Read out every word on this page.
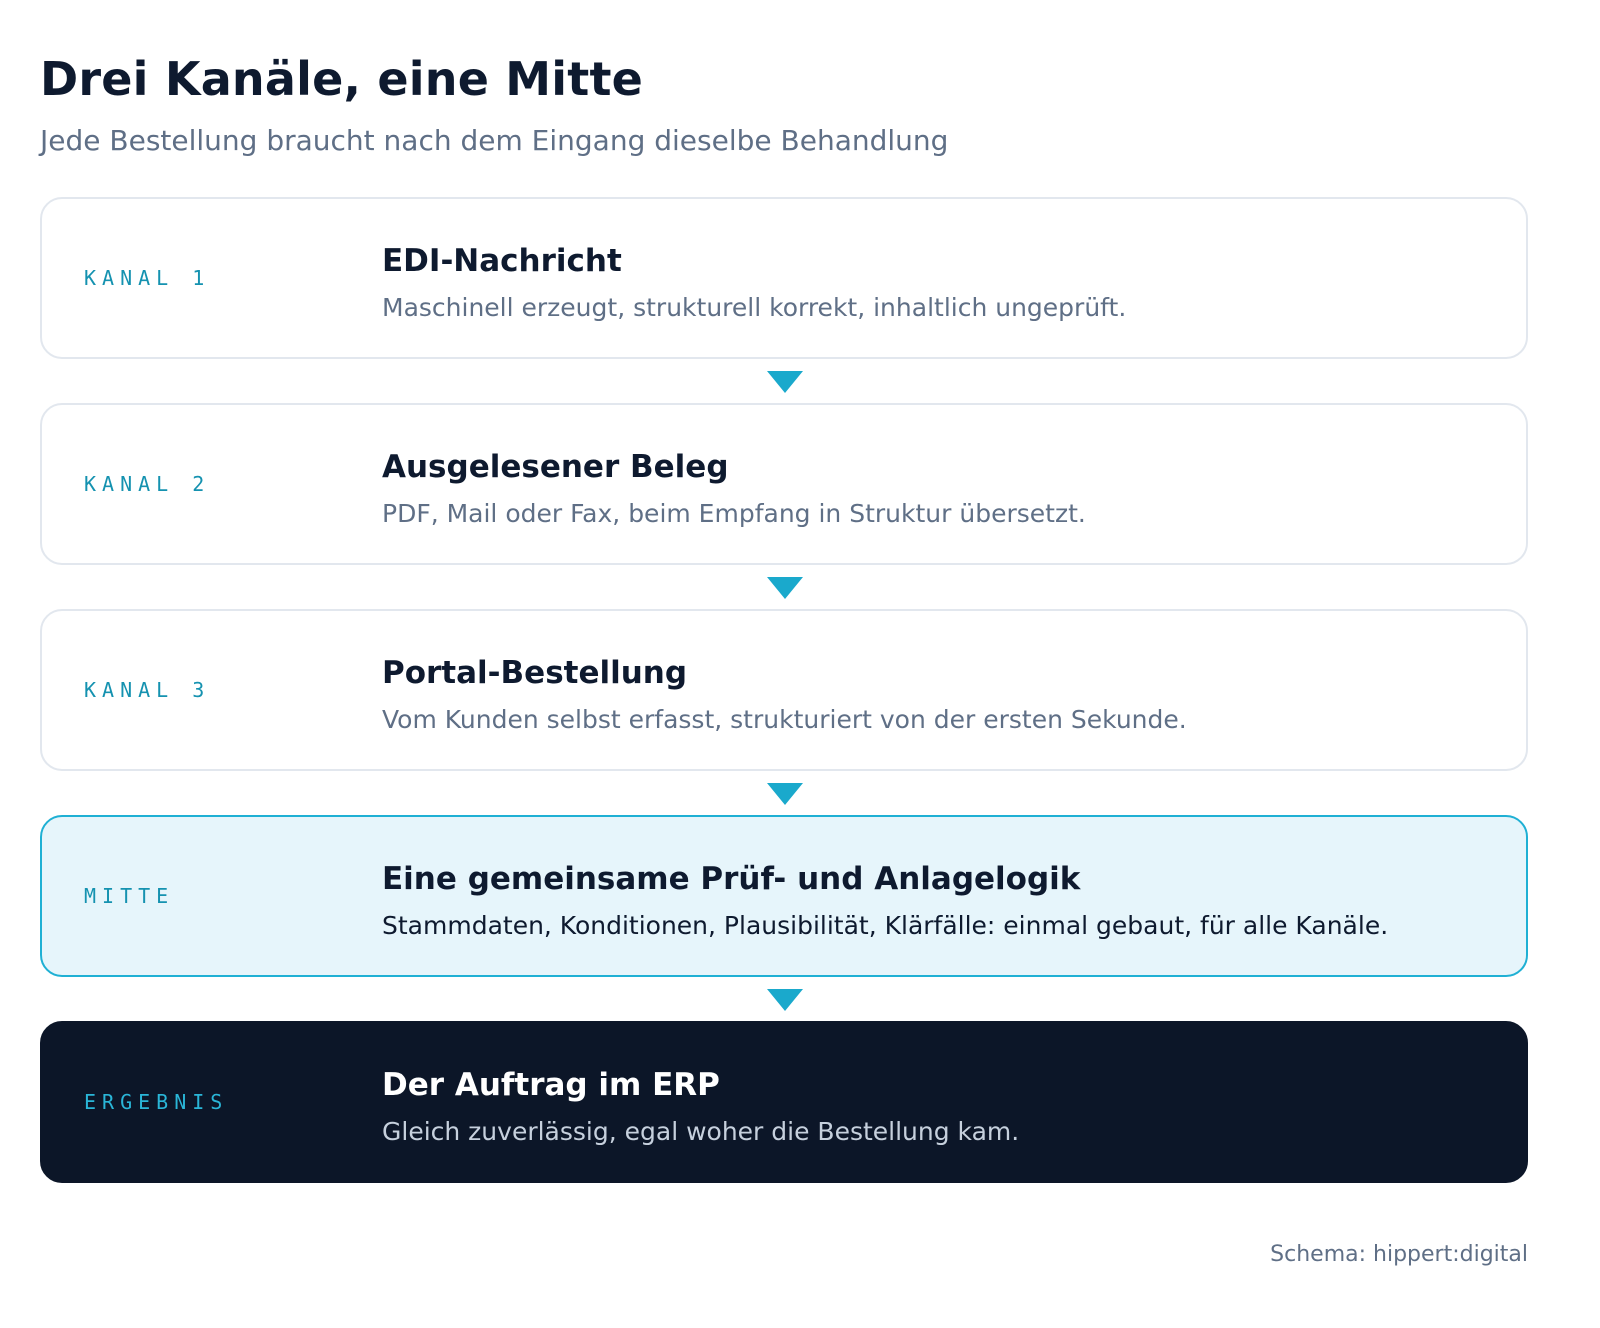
Drei Kanäle, eine Mitte
Jede Bestellung braucht nach dem Eingang dieselbe Behandlung
KANAL 1	EDI-Nachricht
Maschinell erzeugt, strukturell korrekt, inhaltlich ungeprüft.
KANAL 2	Ausgelesener Beleg
PDF, Mail oder Fax, beim Empfang in Struktur übersetzt.
KANAL 3	Portal-Bestellung
Vom Kunden selbst erfasst, strukturiert von der ersten Sekunde.
MITTE	Eine gemeinsame Prüf- und Anlagelogik
Stammdaten, Konditionen, Plausibilität, Klärfälle: einmal gebaut, für alle Kanäle.
ERGEBNIS	Der Auftrag im ERP
Gleich zuverlässig, egal woher die Bestellung kam.
Schema: hippert:digital
